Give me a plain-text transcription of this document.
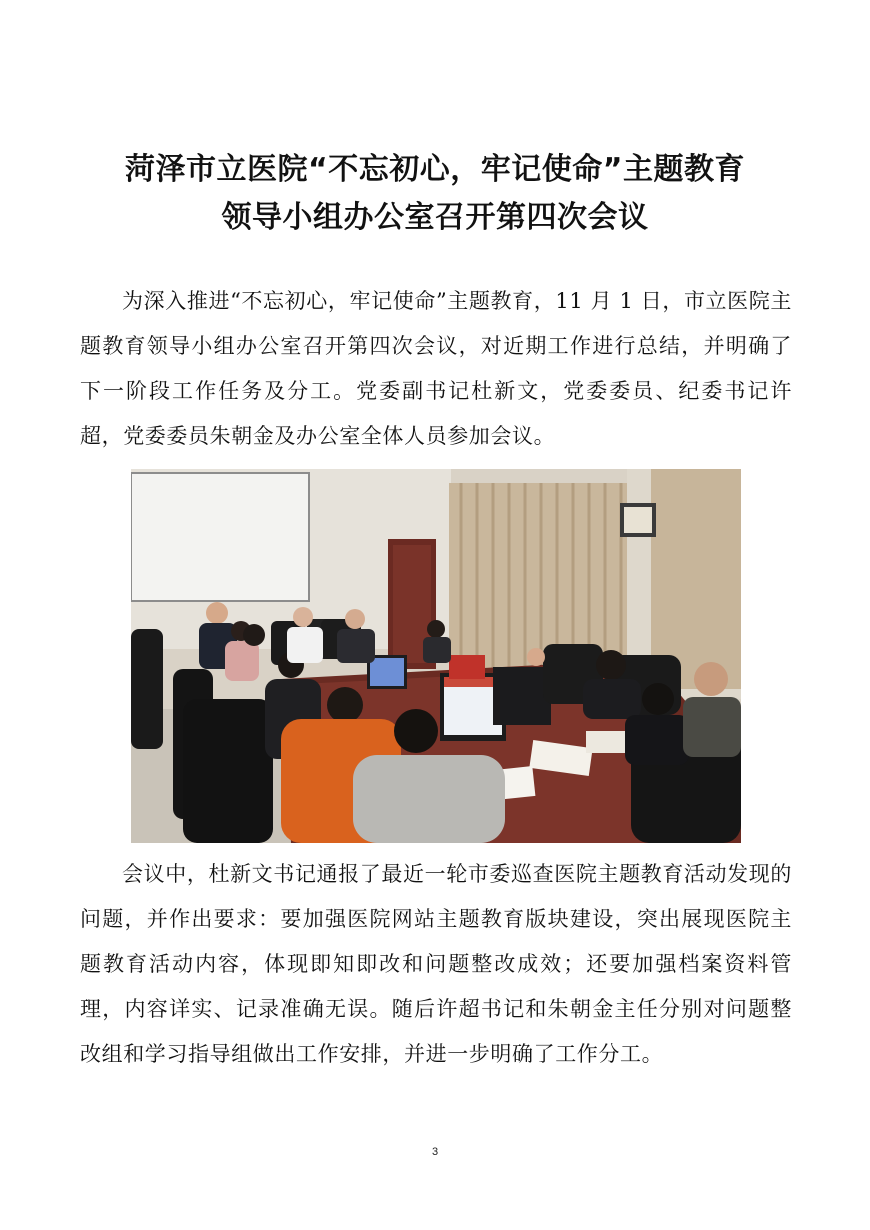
菏泽市立医院“不忘初心，牢记使命”主题教育
领导小组办公室召开第四次会议

为深入推进“不忘初心，牢记使命”主题教育，11 月 1 日，市立医院主题教育领导小组办公室召开第四次会议，对近期工作进行总结，并明确了下一阶段工作任务及分工。党委副书记杜新文，党委委员、纪委书记许超，党委委员朱朝金及办公室全体人员参加会议。

会议中，杜新文书记通报了最近一轮市委巡查医院主题教育活动发现的问题，并作出要求：要加强医院网站主题教育版块建设，突出展现医院主题教育活动内容，体现即知即改和问题整改成效；还要加强档案资料管理，内容详实、记录准确无误。随后许超书记和朱朝金主任分别对问题整改组和学习指导组做出工作安排，并进一步明确了工作分工。

3
